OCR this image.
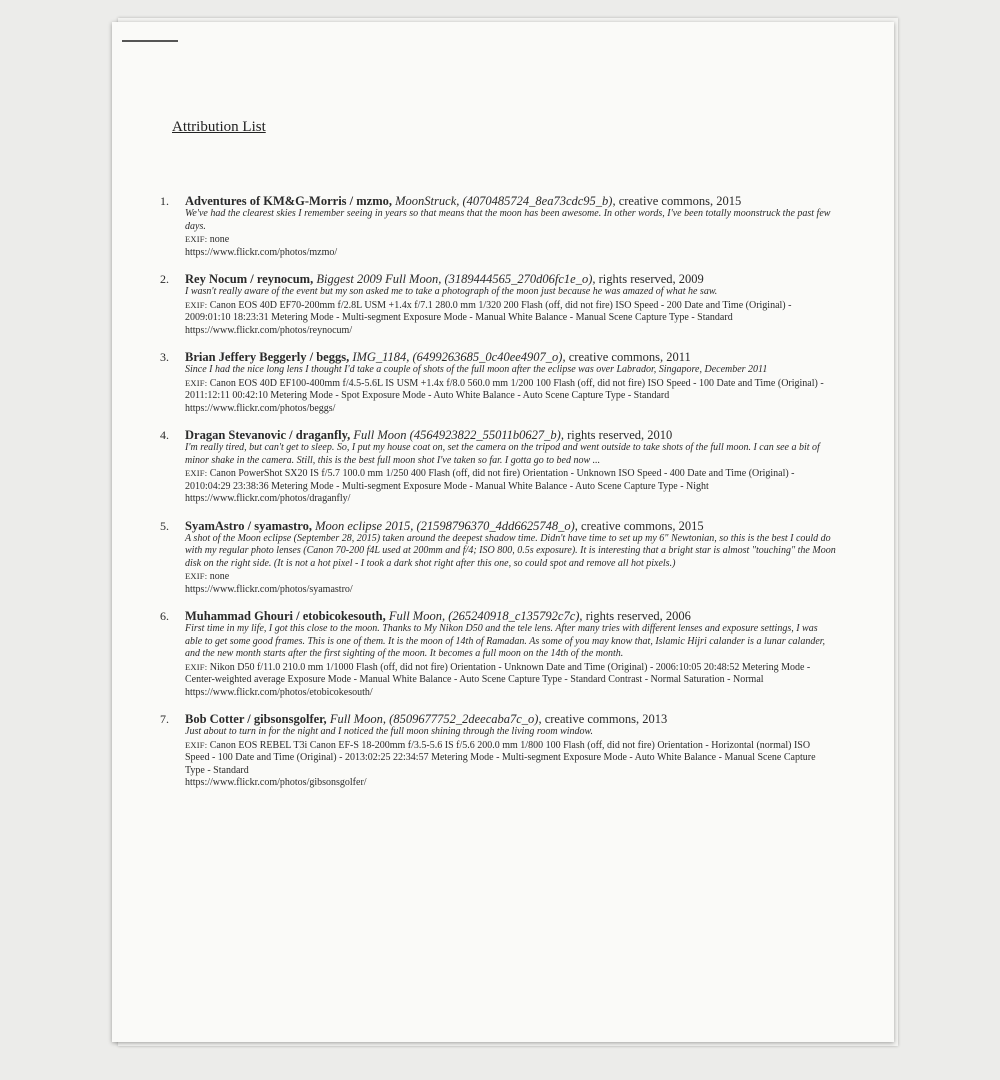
Attribution List
1. Adventures of KM&G-Morris / mzmo, MoonStruck, (4070485724_8ea73cdc95_b), creative commons, 2015
We've had the clearest skies I remember seeing in years so that means that the moon has been awesome. In other words, I've been totally moonstruck the past few days.
EXIF: none
https://www.flickr.com/photos/mzmo/
2. Rey Nocum / reynocum, Biggest 2009 Full Moon, (3189444565_270d06fc1e_o), rights reserved, 2009
I wasn't really aware of the event but my son asked me to take a photograph of the moon just because he was amazed of what he saw.
EXIF: Canon EOS 40D EF70-200mm f/2.8L USM +1.4x f/7.1 280.0 mm 1/320 200 Flash (off, did not fire) ISO Speed - 200 Date and Time (Original) - 2009:01:10 18:23:31 Metering Mode - Multi-segment Exposure Mode - Manual White Balance - Manual Scene Capture Type - Standard
https://www.flickr.com/photos/reynocum/
3. Brian Jeffery Beggerly / beggs, IMG_1184, (6499263685_0c40ee4907_o), creative commons, 2011
Since I had the nice long lens I thought I'd take a couple of shots of the full moon after the eclipse was over Labrador, Singapore, December 2011
EXIF: Canon EOS 40D EF100-400mm f/4.5-5.6L IS USM +1.4x f/8.0 560.0 mm 1/200 100 Flash (off, did not fire) ISO Speed - 100 Date and Time (Original) - 2011:12:11 00:42:10 Metering Mode - Spot Exposure Mode - Auto White Balance - Auto Scene Capture Type - Standard
https://www.flickr.com/photos/beggs/
4. Dragan Stevanovic / draganfly, Full Moon (4564923822_55011b0627_b), rights reserved, 2010
I'm really tired, but can't get to sleep. So, I put my house coat on, set the camera on the tripod and went outside to take shots of the full moon. I can see a bit of minor shake in the camera. Still, this is the best full moon shot I've taken so far. I gotta go to bed now ...
EXIF: Canon PowerShot SX20 IS f/5.7 100.0 mm 1/250 400 Flash (off, did not fire) Orientation - Unknown ISO Speed - 400 Date and Time (Original) - 2010:04:29 23:38:36 Metering Mode - Multi-segment Exposure Mode - Manual White Balance - Auto Scene Capture Type - Night
https://www.flickr.com/photos/draganfly/
5. SyamAstro / syamastro, Moon eclipse 2015, (21598796370_4dd6625748_o), creative commons, 2015
A shot of the Moon eclipse (September 28, 2015) taken around the deepest shadow time. Didn't have time to set up my 6" Newtonian, so this is the best I could do with my regular photo lenses (Canon 70-200 f4L used at 200mm and f/4; ISO 800, 0.5s exposure). It is interesting that a bright star is almost "touching" the Moon disk on the right side. (It is not a hot pixel - I took a dark shot right after this one, so could spot and remove all hot pixels.)
EXIF: none
https://www.flickr.com/photos/syamastro/
6. Muhammad Ghouri / etobicokesouth, Full Moon, (265240918_c135792c7c), rights reserved, 2006
First time in my life, I got this close to the moon. Thanks to My Nikon D50 and the tele lens. After many tries with different lenses and exposure settings, I was able to get some good frames. This is one of them. It is the moon of 14th of Ramadan. As some of you may know that, Islamic Hijri calander is a lunar calander, and the new month starts after the first sighting of the moon. It becomes a full moon on the 14th of the month.
EXIF: Nikon D50 f/11.0 210.0 mm 1/1000 Flash (off, did not fire) Orientation - Unknown Date and Time (Original) - 2006:10:05 20:48:52 Metering Mode - Center-weighted average Exposure Mode - Manual White Balance - Auto Scene Capture Type - Standard Contrast - Normal Saturation - Normal
https://www.flickr.com/photos/etobicokesouth/
7. Bob Cotter / gibsonsgolfer, Full Moon, (8509677752_2deecaba7c_o), creative commons, 2013
Just about to turn in for the night and I noticed the full moon shining through the living room window.
EXIF: Canon EOS REBEL T3i Canon EF-S 18-200mm f/3.5-5.6 IS f/5.6 200.0 mm 1/800 100 Flash (off, did not fire) Orientation - Horizontal (normal) ISO Speed - 100 Date and Time (Original) - 2013:02:25 22:34:57 Metering Mode - Multi-segment Exposure Mode - Auto White Balance - Manual Scene Capture Type - Standard
https://www.flickr.com/photos/gibsonsgolfer/
